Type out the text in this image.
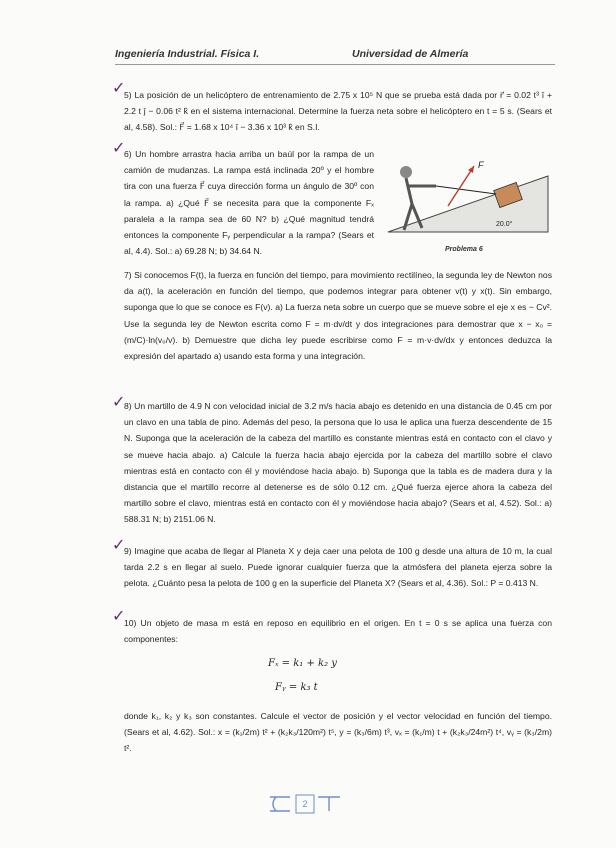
Ingeniería Industrial. Física I.	Universidad de Almería
✓
5) La posición de un helicóptero de entrenamiento de 2.75 x 10⁵ N que se prueba está dada por r⃗ = 0.02 t³ î + 2.2 t ĵ − 0.06 t² k̂ en el sistema internacional. Determine la fuerza neta sobre el helicóptero en t = 5 s. (Sears et al, 4.58). Sol.: F⃗ = 1.68 x 10⁴ î − 3.36 x 10³ k̂ en S.I.
✓
6) Un hombre arrastra hacia arriba un baúl por la rampa de un camión de mudanzas. La rampa está inclinada 20º y el hombre tira con una fuerza F⃗ cuya dirección forma un ángulo de 30º con la rampa. a) ¿Qué F⃗ se necesita para que la componente Fₓ paralela a la rampa sea de 60 N? b) ¿Qué magnitud tendrá entonces la componente Fᵧ perpendicular a la rampa? (Sears et al, 4.4). Sol.: a) 69.28 N; b) 34.64 N.
F
20.0°
Problema 6
7) Si conocemos F(t), la fuerza en función del tiempo, para movimiento rectilíneo, la segunda ley de Newton nos da a(t), la aceleración en función del tiempo, que podemos integrar para obtener v(t) y x(t). Sin embargo, suponga que lo que se conoce es F(v). a) La fuerza neta sobre un cuerpo que se mueve sobre el eje x es − Cv². Use la segunda ley de Newton escrita como F = m·dv/dt y dos integraciones para demostrar que x − x₀ = (m/C)·ln(v₀/v). b) Demuestre que dicha ley puede escribirse como F = m·v·dv/dx y entonces deduzca la expresión del apartado a) usando esta forma y una integración.
✓
8) Un martillo de 4.9 N con velocidad inicial de 3.2 m/s hacia abajo es detenido en una distancia de 0.45 cm por un clavo en una tabla de pino. Además del peso, la persona que lo usa le aplica una fuerza descendente de 15 N. Suponga que la aceleración de la cabeza del martillo es constante mientras está en contacto con el clavo y se mueve hacia abajo. a) Calcule la fuerza hacia abajo ejercida por la cabeza del martillo sobre el clavo mientras está en contacto con él y moviéndose hacia abajo. b) Suponga que la tabla es de madera dura y la distancia que el martillo recorre al detenerse es de sólo 0.12 cm. ¿Qué fuerza ejerce ahora la cabeza del martillo sobre el clavo, mientras está en contacto con él y moviéndose hacia abajo? (Sears et al, 4.52). Sol.: a) 588.31 N; b) 2151.06 N.
✓
9) Imagine que acaba de llegar al Planeta X y deja caer una pelota de 100 g desde una altura de 10 m, la cual tarda 2.2 s en llegar al suelo. Puede ignorar cualquier fuerza que la atmósfera del planeta ejerza sobre la pelota. ¿Cuánto pesa la pelota de 100 g en la superficie del Planeta X? (Sears et al, 4.36). Sol.: P = 0.413 N.
✓
10) Un objeto de masa m está en reposo en equilibrio en el origen. En t = 0 s se aplica una fuerza con componentes:
Fₓ = k₁ + k₂ y
Fᵧ = k₃ t
donde k₁, k₂ y k₃ son constantes. Calcule el vector de posición y el vector velocidad en función del tiempo. (Sears et al, 4.62). Sol.: x = (k₁/2m) t² + (k₂k₃/120m²) t⁵, y = (k₃/6m) t³, vₓ = (k₁/m) t + (k₂k₃/24m²) t⁴, vᵧ = (k₃/2m) t².
2
